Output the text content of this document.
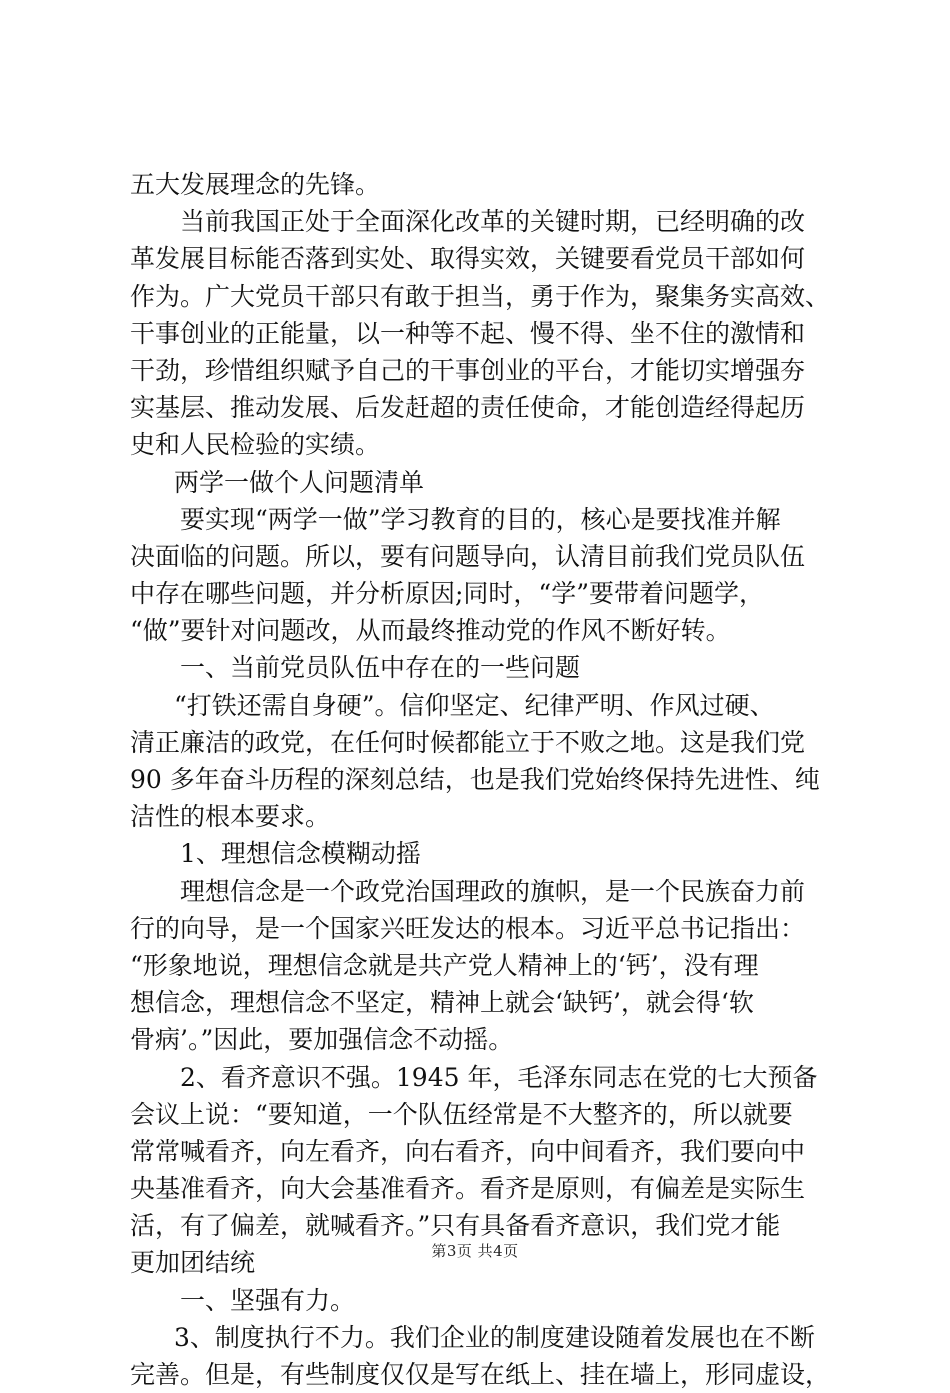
五大发展理念的先锋。
当前我国正处于全面深化改革的关键时期，已经明确的改
革发展目标能否落到实处、取得实效，关键要看党员干部如何
作为。广大党员干部只有敢于担当，勇于作为，聚集务实高效、
干事创业的正能量，以一种等不起、慢不得、坐不住的激情和
干劲，珍惜组织赋予自己的干事创业的平台，才能切实增强夯
实基层、推动发展、后发赶超的责任使命，才能创造经得起历
史和人民检验的实绩。
两学一做个人问题清单
要实现“两学一做”学习教育的目的，核心是要找准并解
决面临的问题。所以，要有问题导向，认清目前我们党员队伍
中存在哪些问题，并分析原因;同时，“学”要带着问题学，
“做”要针对问题改，从而最终推动党的作风不断好转。
一、当前党员队伍中存在的一些问题
“打铁还需自身硬”。信仰坚定、纪律严明、作风过硬、
清正廉洁的政党，在任何时候都能立于不败之地。这是我们党
90 多年奋斗历程的深刻总结，也是我们党始终保持先进性、纯
洁性的根本要求。
1、理想信念模糊动摇
理想信念是一个政党治国理政的旗帜，是一个民族奋力前
行的向导，是一个国家兴旺发达的根本。习近平总书记指出：
“形象地说，理想信念就是共产党人精神上的‘钙’，没有理
想信念，理想信念不坚定，精神上就会‘缺钙’，就会得‘软
骨病’。”因此，要加强信念不动摇。
2、看齐意识不强。1945 年，毛泽东同志在党的七大预备
会议上说：“要知道，一个队伍经常是不大整齐的，所以就要
常常喊看齐，向左看齐，向右看齐，向中间看齐，我们要向中
央基准看齐，向大会基准看齐。看齐是原则，有偏差是实际生
活，有了偏差，就喊看齐。”只有具备看齐意识，我们党才能
更加团结统
一、坚强有力。
3、制度执行不力。我们企业的制度建设随着发展也在不断
完善。但是，有些制度仅仅是写在纸上、挂在墙上，形同虚设，
第3页 共4页
